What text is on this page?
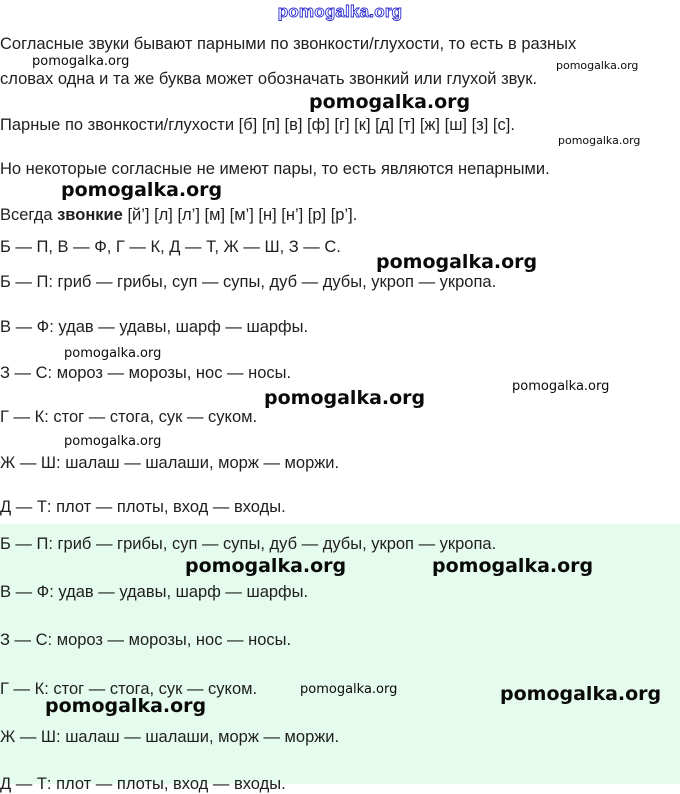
pomogalka.org
Согласные звуки бывают парными по звонкости/глухости, то есть в разных
словах одна и та же буква может обозначать звонкий или глухой звук.
Парные по звонкости/глухости [б] [п] [в] [ф] [г] [к] [д] [т] [ж] [ш] [з] [с].
Но некоторые согласные не имеют пары, то есть являются непарными.
Всегда звонкие [й’] [л] [л’] [м] [м’] [н] [н’] [р] [р’].
Б — П, В — Ф, Г — К, Д — Т, Ж — Ш, З — С.
Б — П: гриб — грибы, суп — супы, дуб — дубы, укроп — укропа.
В — Ф: удав — удавы, шарф — шарфы.
З — С: мороз — морозы, нос — носы.
Г — К: стог — стога, сук — суком.
Ж — Ш: шалаш — шалаши, морж — моржи.
Д — Т: плот — плоты, вход — входы.
Б — П: гриб — грибы, суп — супы, дуб — дубы, укроп — укропа.
В — Ф: удав — удавы, шарф — шарфы.
З — С: мороз — морозы, нос — носы.
Г — К: стог — стога, сук — суком.
Ж — Ш: шалаш — шалаши, морж — моржи.
Д — Т: плот — плоты, вход — входы.
pomogalka.org	pomogalka.org
pomogalka.org
pomogalka.org
pomogalka.org
pomogalka.org
pomogalka.org
pomogalka.org
pomogalka.org
pomogalka.org
pomogalka.org	pomogalka.org
pomogalka.org	pomogalka.org
pomogalka.org
